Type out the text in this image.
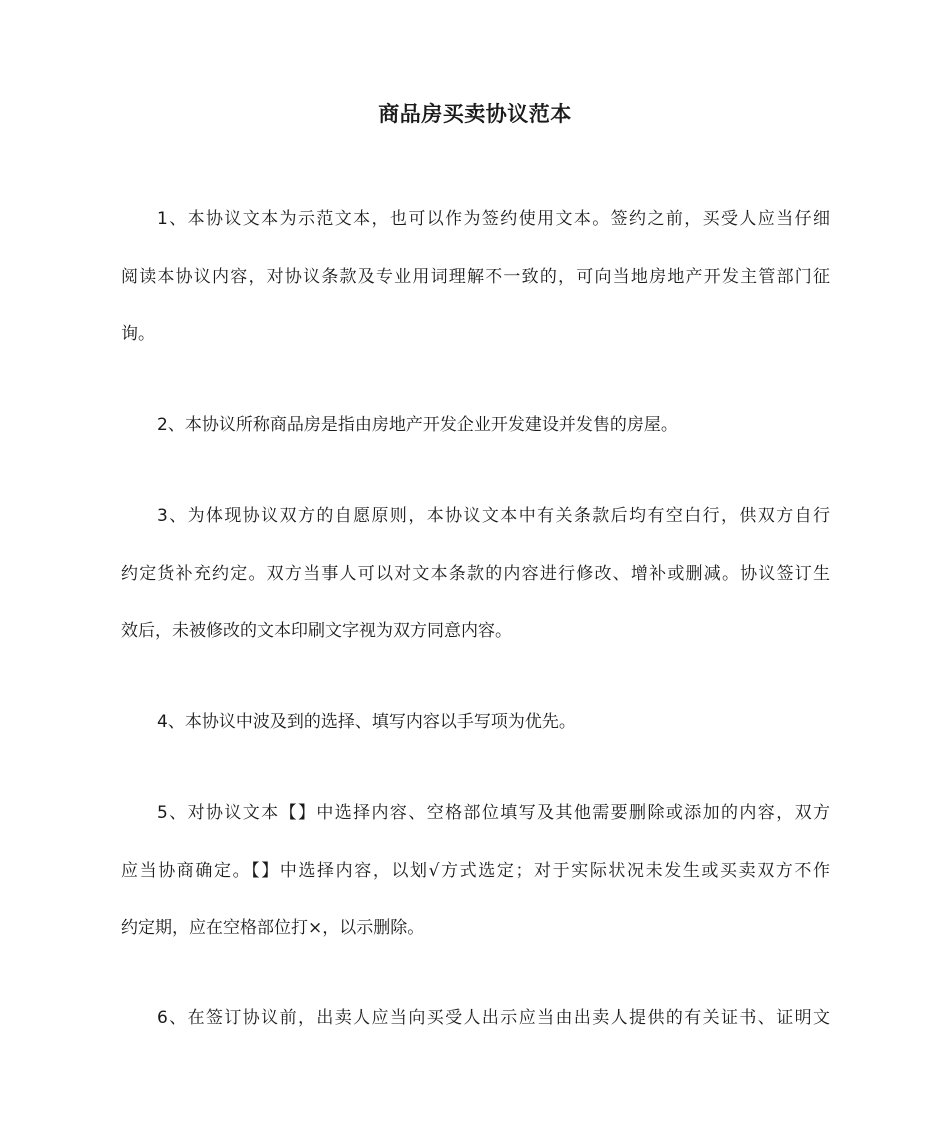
商品房买卖协议范本
1、本协议文本为示范文本，也可以作为签约使用文本。签约之前，买受人应当仔细
阅读本协议内容，对协议条款及专业用词理解不一致的，可向当地房地产开发主管部门征
询。
2、本协议所称商品房是指由房地产开发企业开发建设并发售的房屋。
3、为体现协议双方的自愿原则，本协议文本中有关条款后均有空白行，供双方自行
约定货补充约定。双方当事人可以对文本条款的内容进行修改、增补或删减。协议签订生
效后，未被修改的文本印刷文字视为双方同意内容。
4、本协议中波及到的选择、填写内容以手写项为优先。
5、对协议文本【】中选择内容、空格部位填写及其他需要删除或添加的内容，双方
应当协商确定。【】中选择内容，以划√方式选定；对于实际状况未发生或买卖双方不作
约定期，应在空格部位打×，以示删除。
6、在签订协议前，出卖人应当向买受人出示应当由出卖人提供的有关证书、证明文
